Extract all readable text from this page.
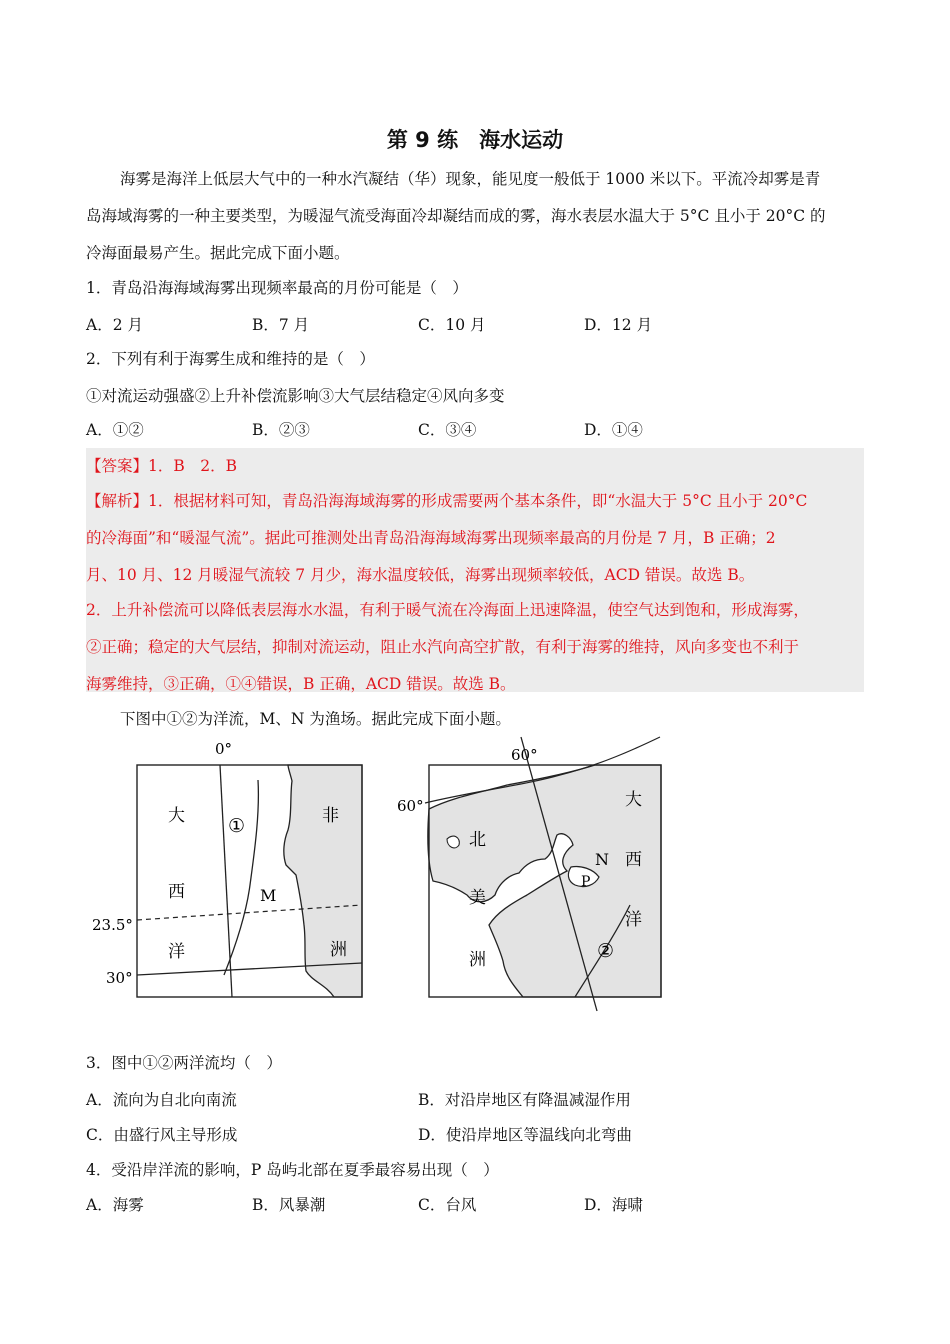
第 9 练　海水运动
海雾是海洋上低层大气中的一种水汽凝结（华）现象，能见度一般低于 1000 米以下。平流冷却雾是青
岛海域海雾的一种主要类型，为暖湿气流受海面冷却凝结而成的雾，海水表层水温大于 5°C 且小于 20°C 的
冷海面最易产生。据此完成下面小题。
1．青岛沿海海域海雾出现频率最高的月份可能是（　）
A．2 月	B．7 月	C．10 月	D．12 月
2．下列有利于海雾生成和维持的是（　）
①对流运动强盛②上升补偿流影响③大气层结稳定④风向多变
A．①②	B．②③	C．③④	D．①④
【答案】1．B　2．B
【解析】1．根据材料可知，青岛沿海海域海雾的形成需要两个基本条件，即“水温大于 5°C 且小于 20°C
的冷海面”和“暖湿气流”。据此可推测处出青岛沿海海域海雾出现频率最高的月份是 7 月，B 正确；2
月、10 月、12 月暖湿气流较 7 月少，海水温度较低，海雾出现频率较低，ACD 错误。故选 B。
2．上升补偿流可以降低表层海水水温，有利于暖气流在冷海面上迅速降温，使空气达到饱和，形成海雾，
②正确；稳定的大气层结，抑制对流运动，阻止水汽向高空扩散，有利于海雾的维持，风向多变也不利于
海雾维持，③正确，①④错误，B 正确，ACD 错误。故选 B。
下图中①②为洋流，M、N 为渔场。据此完成下面小题。
0°
23.5°
30°
大
西
洋
非
洲
①
M
60°
60°
北
美
洲
大
西
洋
②
N
P
3．图中①②两洋流均（　）
A．流向为自北向南流	B．对沿岸地区有降温减湿作用
C．由盛行风主导形成	D．使沿岸地区等温线向北弯曲
4．受沿岸洋流的影响，P 岛屿北部在夏季最容易出现（　）
A．海雾	B．风暴潮	C．台风	D．海啸
